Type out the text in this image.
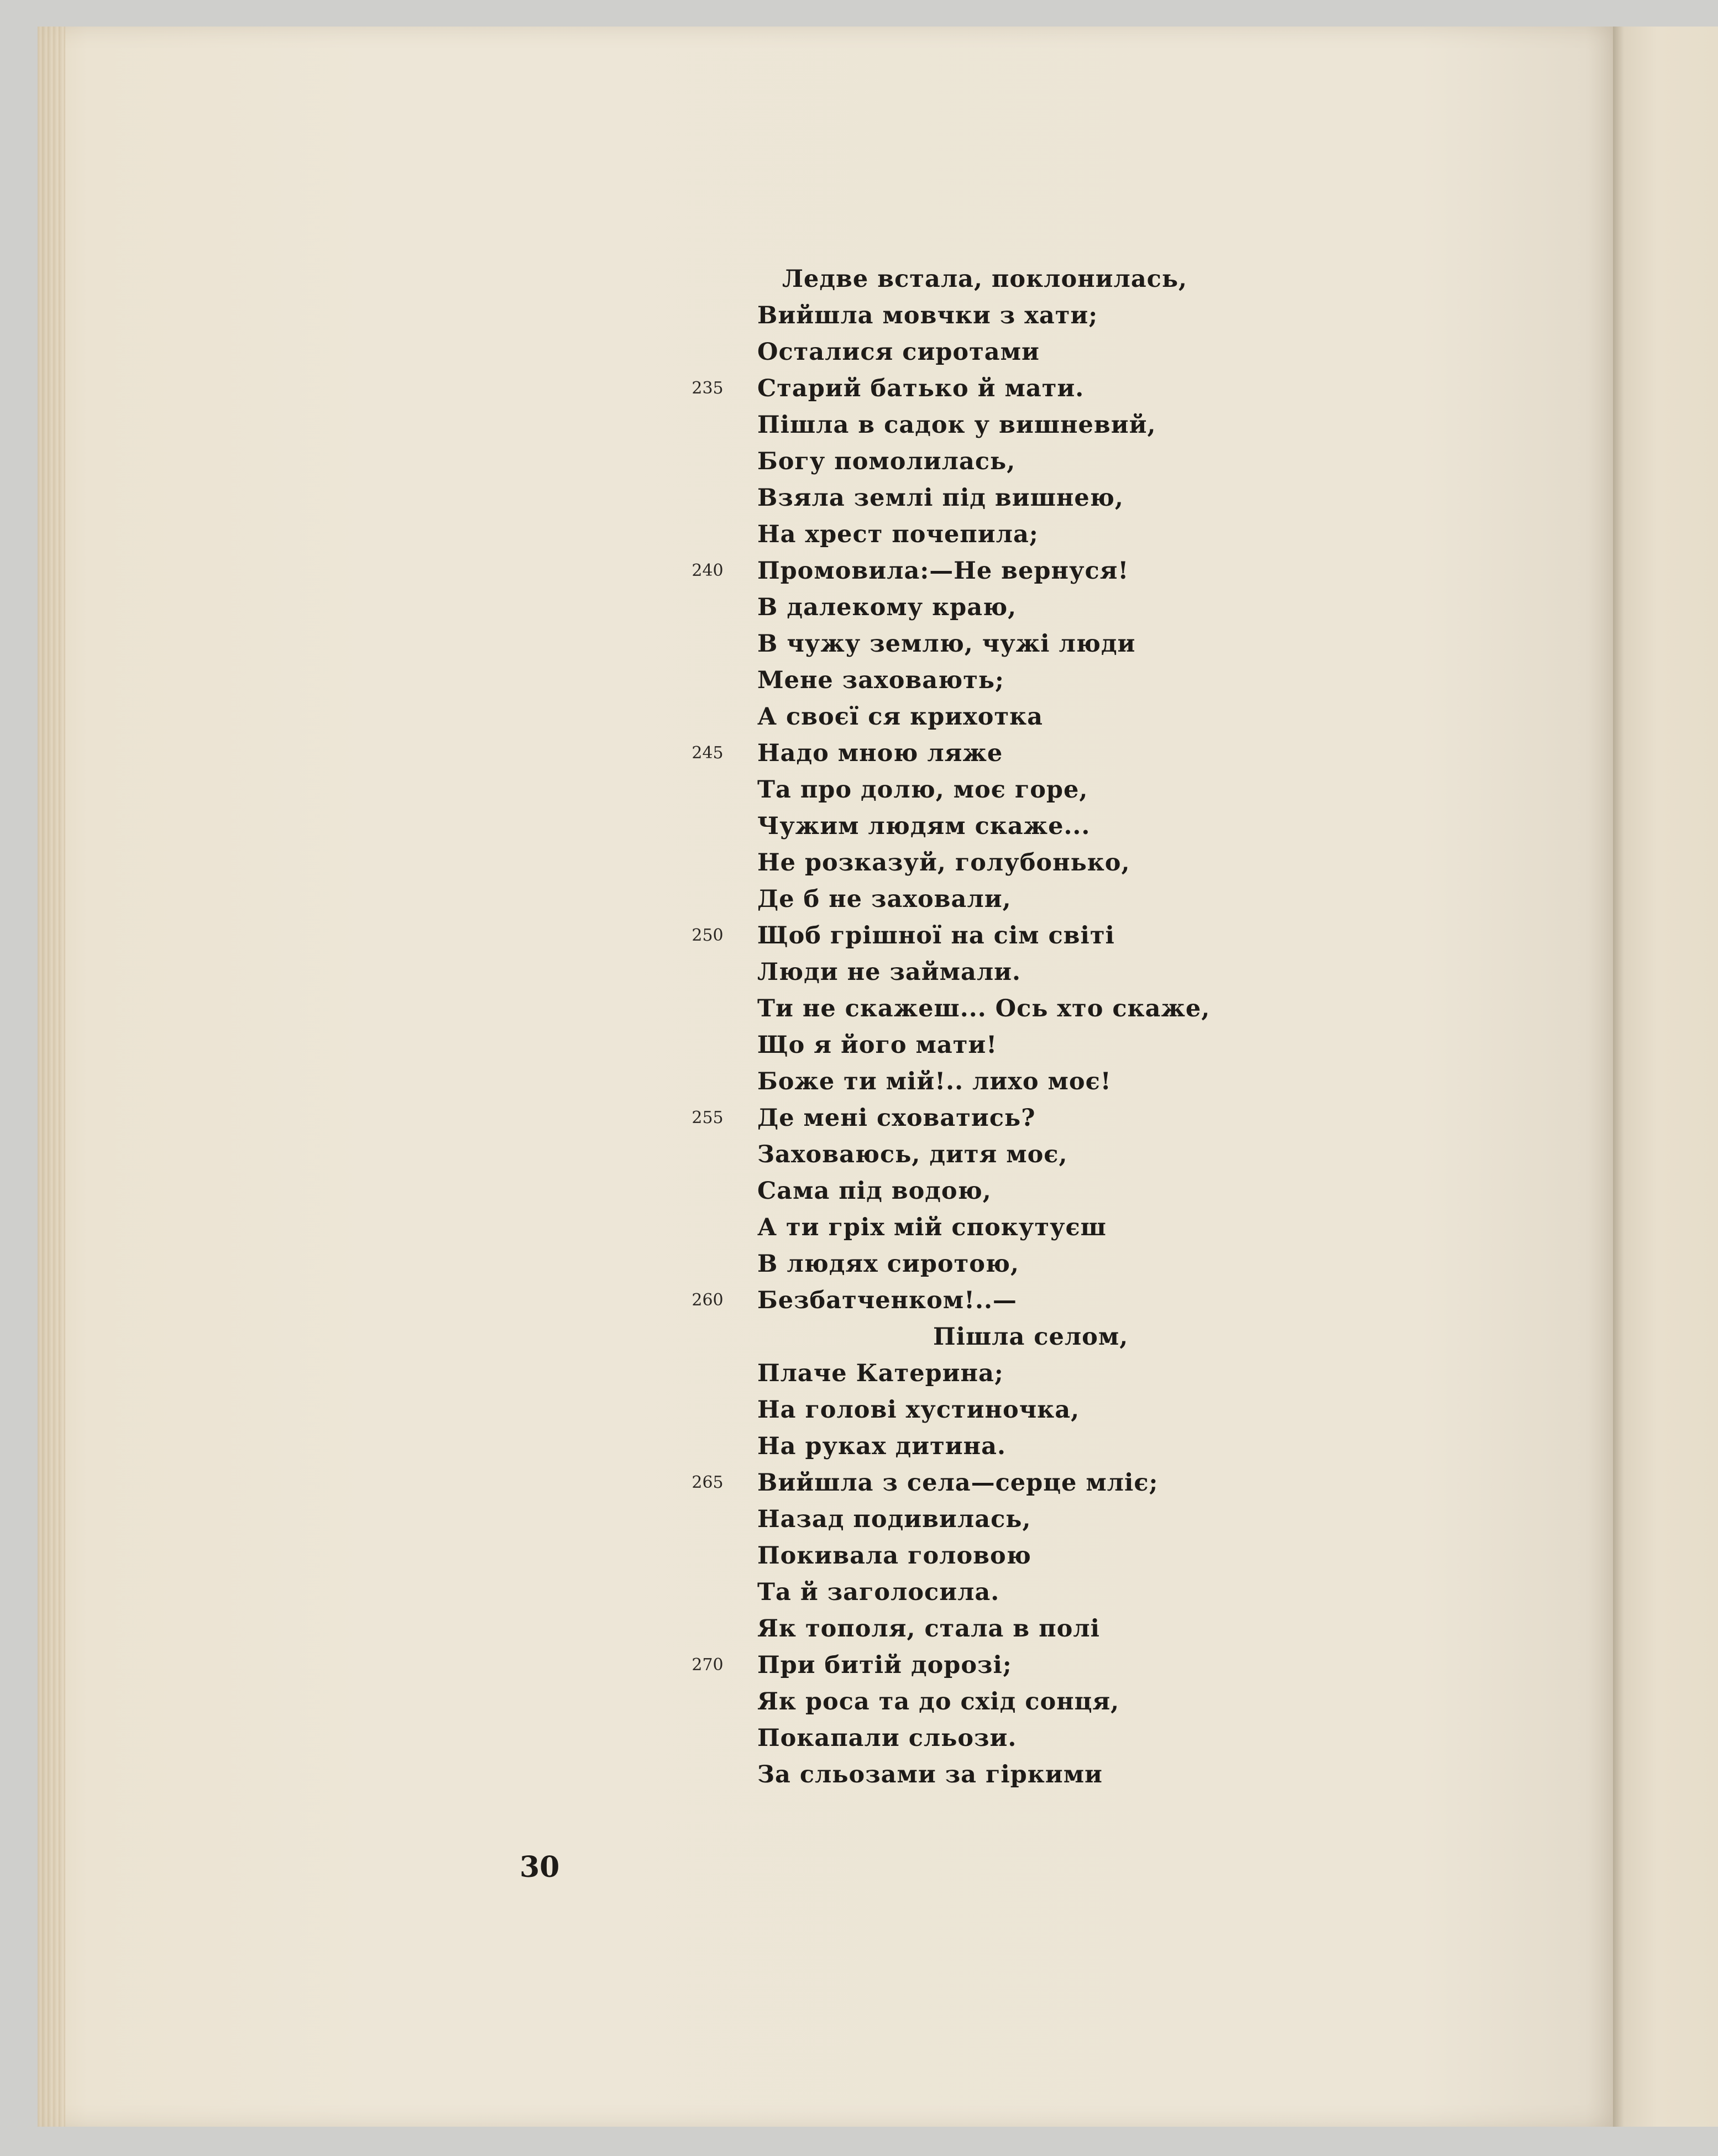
30
Ледве встала, поклонилась,
Вийшла мовчки з хати;
Осталися сиротами
235 Старий батько й мати.
Пішла в садок у вишневий,
Богу помолилась,
Взяла землі під вишнею,
На хрест почепила;
240 Промовила:—Не вернуся!
В далекому краю,
В чужу землю, чужі люди
Мене заховають;
А своєї ся крихотка
245 Надо мною ляже
Та про долю, моє горе,
Чужим людям скаже...
Не розказуй, голубонько,
Де б не заховали,
250 Щоб грішної на сім світі
Люди не займали.
Ти не скажеш... Ось хто скаже,
Що я його мати!
Боже ти мій!.. лихо моє!
255 Де мені сховатись?
Заховаюсь, дитя моє,
Сама під водою,
А ти гріх мій спокутуєш
В людях сиротою,
260 Безбатченком!..—
Пішла селом,
Плаче Катерина;
На голові хустиночка,
На руках дитина.
265 Вийшла з села—серце мліє;
Назад подивилась,
Покивала головою
Та й заголосила.
Як тополя, стала в полі
270 При битій дорозі;
Як роса та до схід сонця,
Покапали сльози.
За сльозами за гіркими
